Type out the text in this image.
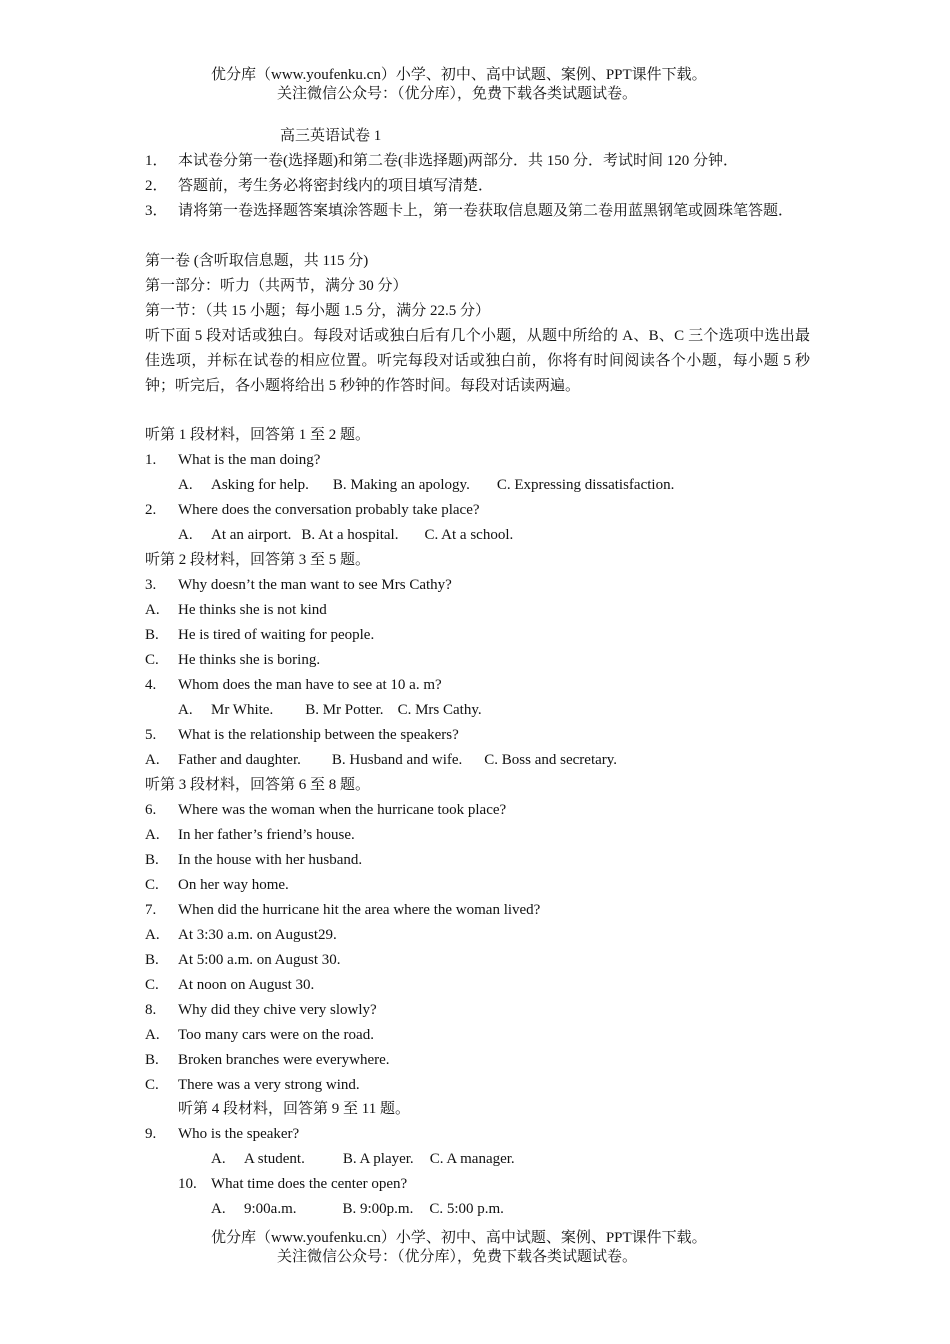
优分库（www.youfenku.cn）小学、初中、高中试题、案例、PPT课件下载。
关注微信公众号：（优分库），免费下载各类试题试卷。
高三英语试卷 1
1． 本试卷分第一卷(选择题)和第二卷(非选择题)两部分．共 150 分．考试时间 120 分钟．
2． 答题前，考生务必将密封线内的项目填写清楚．
3． 请将第一卷选择题答案填涂答题卡上，第一卷获取信息题及第二卷用蓝黑钢笔或圆珠笔答题．
第一卷 (含听取信息题，共 115 分)
第一部分：听力（共两节，满分 30 分）
第一节：（共 15 小题；每小题 1.5 分，满分 22.5 分）
听下面 5 段对话或独白。每段对话或独白后有几个小题，从题中所给的 A、B、C 三个选项中选出最佳选项，并标在试卷的相应位置。听完每段对话或独白前，你将有时间阅读各个小题，每小题 5 秒钟；听完后，各小题将给出 5 秒钟的作答时间。每段对话读两遍。
听第 1 段材料，回答第 1 至 2 题。
1. What is the man doing?
A. Asking for help. B. Making an apology. C. Expressing dissatisfaction.
2. Where does the conversation probably take place?
A. At an airport. B. At a hospital. C. At a school.
听第 2 段材料，回答第 3 至 5 题。
3. Why doesn’t the man want to see Mrs Cathy?
A. He thinks she is not kind
B. He is tired of waiting for people.
C. He thinks she is boring.
4. Whom does the man have to see at 10 a. m?
A. Mr White. B. Mr Potter. C. Mrs Cathy.
5. What is the relationship between the speakers?
A. Father and daughter. B. Husband and wife. C. Boss and secretary.
听第 3 段材料，回答第 6 至 8 题。
6. Where was the woman when the hurricane took place?
A. In her father’s friend’s house.
B. In the house with her husband.
C. On her way home.
7. When did the hurricane hit the area where the woman lived?
A. At 3:30 a.m. on August29.
B. At 5:00 a.m. on August 30.
C. At noon on August 30.
8. Why did they chive very slowly?
A. Too many cars were on the road.
B. Broken branches were everywhere.
C. There was a very strong wind.
听第 4 段材料，回答第 9 至 11 题。
9. Who is the speaker?
A. A student.	B. A player. C. A manager.
10. What time does the center open?
A. 9:00a.m.	B. 9:00p.m. C. 5:00 p.m.
优分库（www.youfenku.cn）小学、初中、高中试题、案例、PPT课件下载。
关注微信公众号：（优分库），免费下载各类试题试卷。
